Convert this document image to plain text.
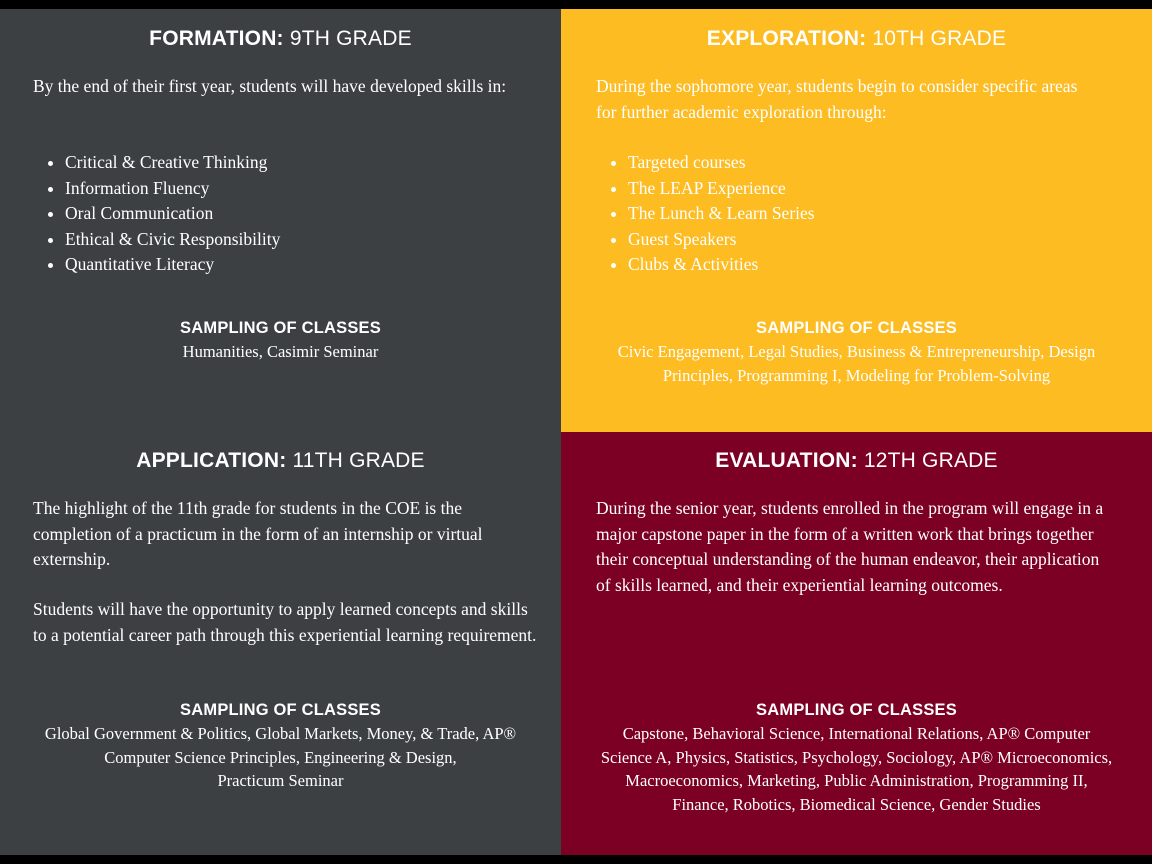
FORMATION: 9TH GRADE

By the end of their first year, students will have developed skills in:

• Critical & Creative Thinking
• Information Fluency
• Oral Communication
• Ethical & Civic Responsibility
• Quantitative Literacy
SAMPLING OF CLASSES
Humanities, Casimir Seminar
EXPLORATION: 10TH GRADE

During the sophomore year, students begin to consider specific areas for further academic exploration through:

• Targeted courses
• The LEAP Experience
• The Lunch & Learn Series
• Guest Speakers
• Clubs & Activities
SAMPLING OF CLASSES
Civic Engagement, Legal Studies, Business & Entrepreneurship, Design Principles, Programming I, Modeling for Problem-Solving
APPLICATION: 11TH GRADE

The highlight of the 11th grade for students in the COE is the completion of a practicum in the form of an internship or virtual externship.

Students will have the opportunity to apply learned concepts and skills to a potential career path through this experiential learning requirement.

SAMPLING OF CLASSES
Global Government & Politics, Global Markets, Money, & Trade, AP®
Computer Science Principles, Engineering & Design,
Practicum Seminar
EVALUATION: 12TH GRADE

During the senior year, students enrolled in the program will engage in a major capstone paper in the form of a written work that brings together their conceptual understanding of the human endeavor, their application of skills learned, and their experiential learning outcomes.

SAMPLING OF CLASSES
Capstone, Behavioral Science, International Relations, AP® Computer
Science A, Physics, Statistics, Psychology, Sociology, AP® Microeconomics,
Macroeconomics, Marketing, Public Administration, Programming II,
Finance, Robotics, Biomedical Science, Gender Studies
